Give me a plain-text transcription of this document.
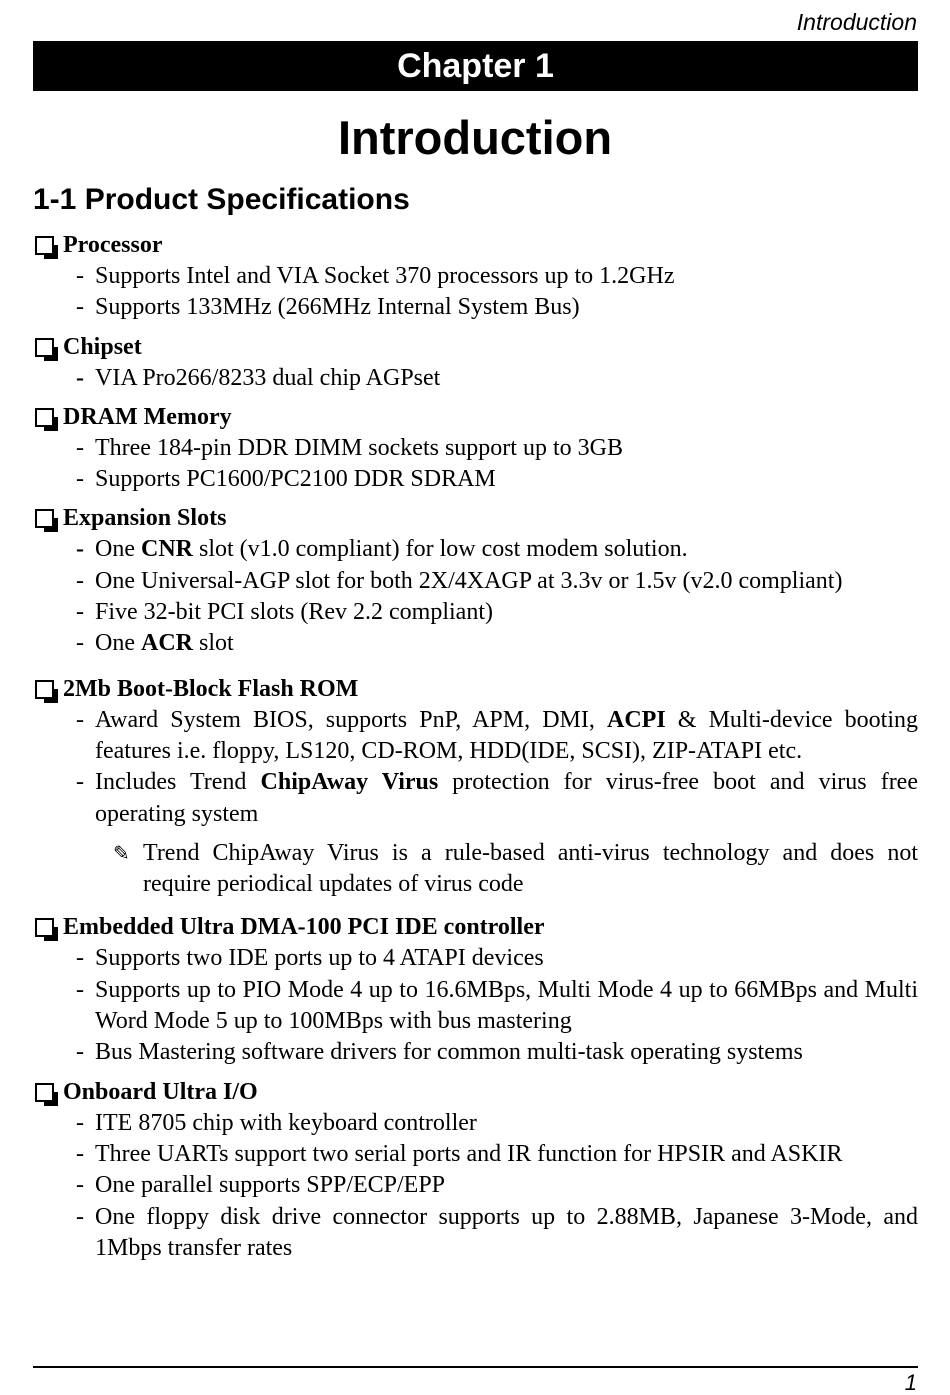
Introduction
Chapter 1
Introduction
1-1 Product Specifications
Processor
- Supports Intel and VIA Socket 370 processors up to 1.2GHz
- Supports 133MHz (266MHz Internal System Bus)
Chipset
- VIA Pro266/8233 dual chip AGPset
DRAM Memory
- Three 184-pin DDR DIMM sockets support up to 3GB
- Supports PC1600/PC2100 DDR SDRAM
Expansion Slots
- One CNR slot (v1.0 compliant) for low cost modem solution.
- One Universal-AGP slot for both 2X/4XAGP at 3.3v or 1.5v (v2.0 compliant)
- Five 32-bit PCI slots (Rev 2.2 compliant)
- One ACR slot
2Mb Boot-Block Flash ROM
- Award System BIOS, supports PnP, APM, DMI, ACPI & Multi-device booting features i.e. floppy, LS120, CD-ROM, HDD(IDE, SCSI), ZIP-ATAPI etc.
- Includes Trend ChipAway Virus protection for virus-free boot and virus free operating system
✎ Trend ChipAway Virus is a rule-based anti-virus technology and does not require periodical updates of virus code
Embedded Ultra DMA-100 PCI IDE controller
- Supports two IDE ports up to 4 ATAPI devices
- Supports up to PIO Mode 4 up to 16.6MBps, Multi Mode 4 up to 66MBps and Multi Word Mode 5 up to 100MBps with bus mastering
- Bus Mastering software drivers for common multi-task operating systems
Onboard Ultra I/O
- ITE 8705 chip with keyboard controller
- Three UARTs support two serial ports and IR function for HPSIR and ASKIR
- One parallel supports SPP/ECP/EPP
- One floppy disk drive connector supports up to 2.88MB, Japanese 3-Mode, and 1Mbps transfer rates
1
